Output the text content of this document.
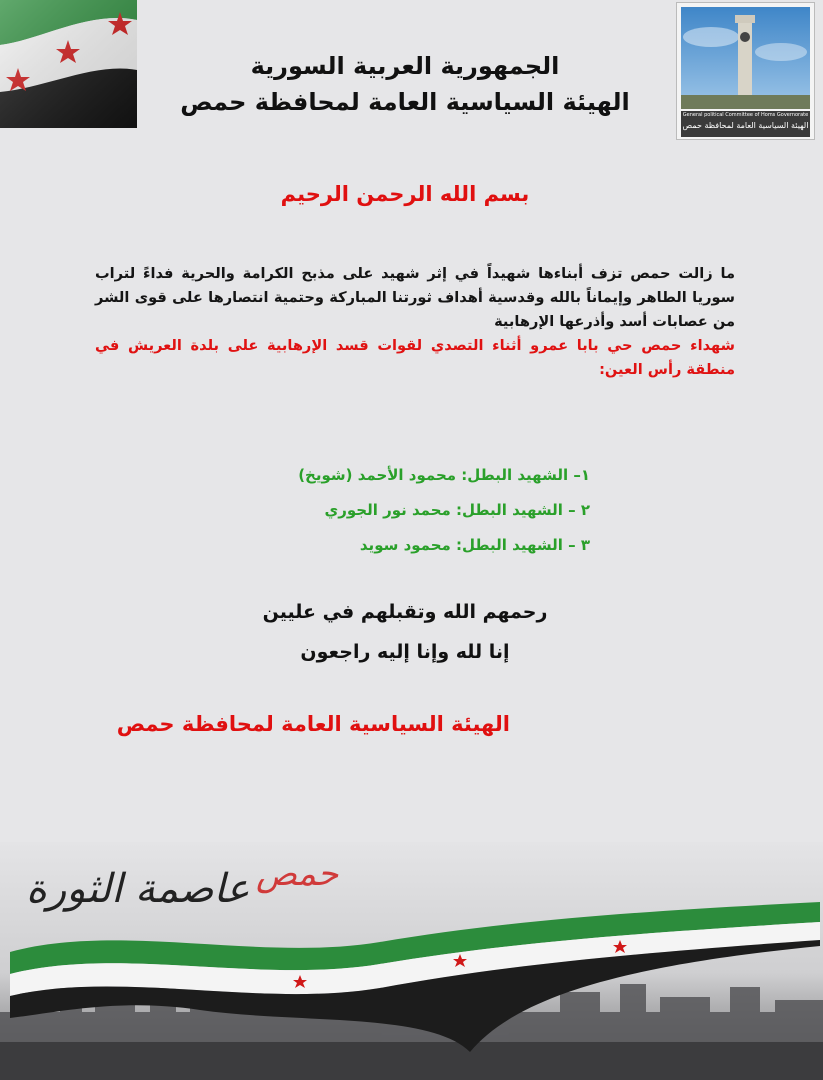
General political Committee of Homs Governorate
الهيئة السياسية العامة لمحافظة حمص
الجمهورية العربية السورية
الهيئة السياسية العامة لمحافظة حمص
بسم الله الرحمن الرحيم
ما زالت حمص تزف أبناءها شهيداً في إثر شهيد على مذبح الكرامة والحرية فداءً لتراب سوريا الطاهر وإيماناً بالله وقدسية أهداف ثورتنا المباركة وحتمية انتصارها على قوى الشر من عصابات أسد وأذرعها الإرهابية
شهداء حمص حي بابا عمرو أثناء التصدي لقوات قسد الإرهابية على بلدة العريش في منطقة رأس العين:
١– الشهيد البطل: محمود الأحمد (شويخ)
٢ – الشهيد البطل: محمد نور الجوري
٣ – الشهيد البطل: محمود سويد
رحمهم الله وتقبلهم في عليين
إنا لله وإنا إليه راجعون
الهيئة السياسية العامة لمحافظة حمص
عاصمة الثورة حمص
